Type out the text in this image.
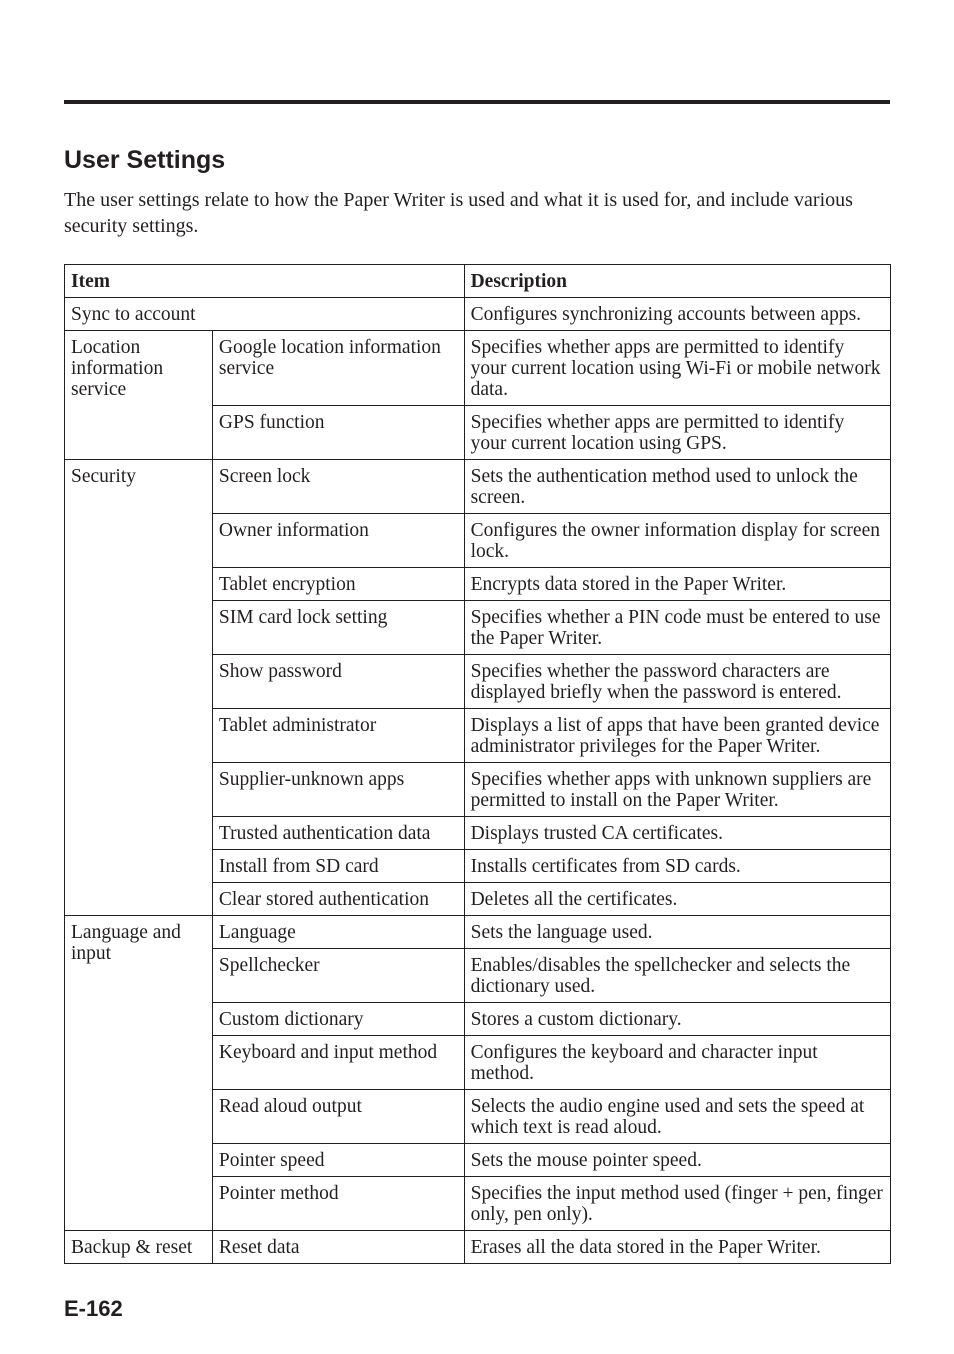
User Settings

The user settings relate to how the Paper Writer is used and what it is used for, and include various security settings.

Item		Description
Sync to account		Configures synchronizing accounts between apps.
Location information service	Google location information service	Specifies whether apps are permitted to identify your current location using Wi-Fi or mobile network data.
	GPS function	Specifies whether apps are permitted to identify your current location using GPS.
Security	Screen lock	Sets the authentication method used to unlock the screen.
	Owner information	Configures the owner information display for screen lock.
	Tablet encryption	Encrypts data stored in the Paper Writer.
	SIM card lock setting	Specifies whether a PIN code must be entered to use the Paper Writer.
	Show password	Specifies whether the password characters are displayed briefly when the password is entered.
	Tablet administrator	Displays a list of apps that have been granted device administrator privileges for the Paper Writer.
	Supplier-unknown apps	Specifies whether apps with unknown suppliers are permitted to install on the Paper Writer.
	Trusted authentication data	Displays trusted CA certificates.
	Install from SD card	Installs certificates from SD cards.
	Clear stored authentication	Deletes all the certificates.
Language and input	Language	Sets the language used.
	Spellchecker	Enables/disables the spellchecker and selects the dictionary used.
	Custom dictionary	Stores a custom dictionary.
	Keyboard and input method	Configures the keyboard and character input method.
	Read aloud output	Selects the audio engine used and sets the speed at which text is read aloud.
	Pointer speed	Sets the mouse pointer speed.
	Pointer method	Specifies the input method used (finger + pen, finger only, pen only).
Backup & reset	Reset data	Erases all the data stored in the Paper Writer.
E-162
